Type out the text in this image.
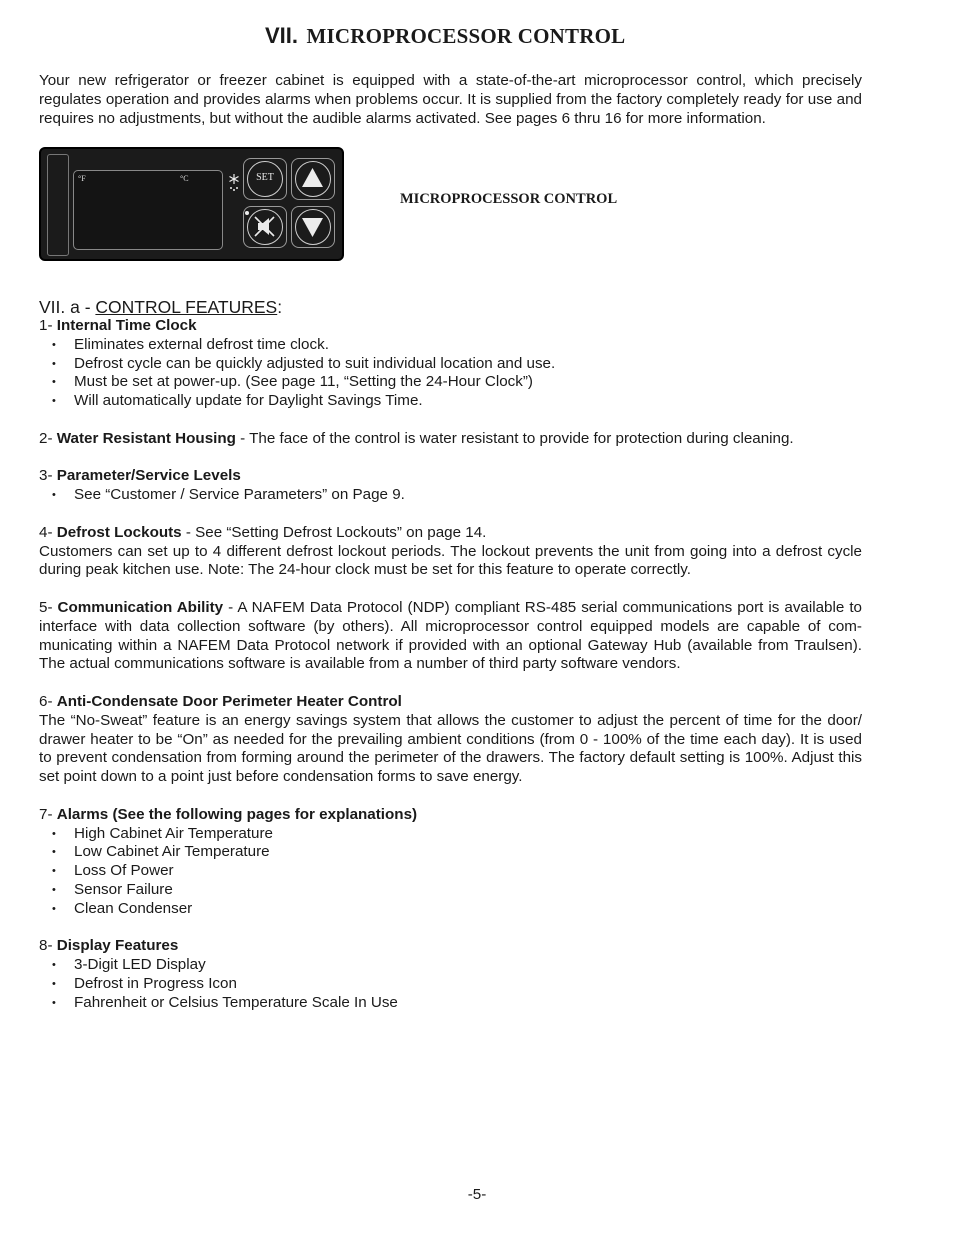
VII. MICROPROCESSOR CONTROL

Your new refrigerator or freezer cabinet is equipped with a state-of-the-art microprocessor control, which precisely regulates operation and provides alarms when problems occur. It is supplied from the factory completely ready for use and requires no adjustments, but without the audible alarms activated. See pages 6 thru 16 for more information.

°F	°C	SET

MICROPROCESSOR CONTROL

VII. a - CONTROL FEATURES:

1- Internal Time Clock

• Eliminates external defrost time clock.
• Defrost cycle can be quickly adjusted to suit individual location and use.
• Must be set at power-up. (See page 11, “Setting the 24-Hour Clock”)
• Will automatically update for Daylight Savings Time.

2- Water Resistant Housing - The face of the control is water resistant to provide for protection during cleaning.

3- Parameter/Service Levels

• See “Customer / Service Parameters” on Page 9.

4- Defrost Lockouts - See “Setting Defrost Lockouts” on page 14.

Customers can set up to 4 different defrost lockout periods. The lockout prevents the unit from going into a defrost cycle during peak kitchen use. Note: The 24-hour clock must be set for this feature to operate correctly.

5- Communication Ability - A NAFEM Data Protocol (NDP) compliant RS-485 serial communications port is available to interface with data collection software (by others). All microprocessor control equipped models are capable of com-municating within a NAFEM Data Protocol network if provided with an optional Gateway Hub (available from Traulsen). The actual communications software is available from a number of third party software vendors.

6- Anti-Condensate Door Perimeter Heater Control

The “No-Sweat” feature is an energy savings system that allows the customer to adjust the percent of time for the door/ drawer heater to be “On” as needed for the prevailing ambient conditions (from 0 - 100% of the time each day). It is used to prevent condensation from forming around the perimeter of the drawers. The factory default setting is 100%. Adjust this set point down to a point just before condensation forms to save energy.

7- Alarms (See the following pages for explanations)

• High Cabinet Air Temperature
• Low Cabinet Air Temperature
• Loss Of Power
• Sensor Failure
• Clean Condenser

8- Display Features

• 3-Digit LED Display
• Defrost in Progress Icon
• Fahrenheit or Celsius Temperature Scale In Use

-5-
